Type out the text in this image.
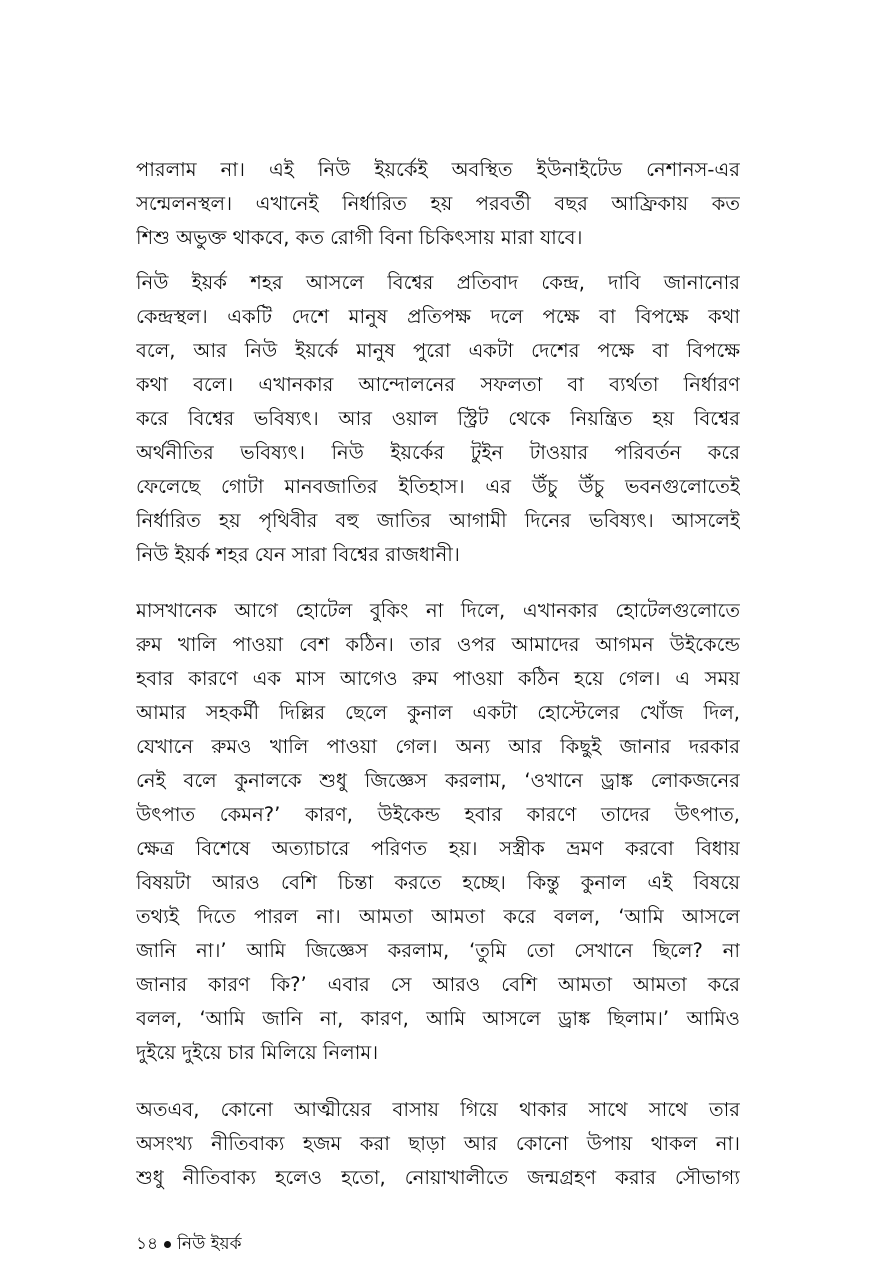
পারলাম না। এই নিউ ইয়র্কেই অবস্থিত ইউনাইটেড নেশানস-এর
সন্মেলনস্থল। এখানেই নির্ধারিত হয় পরবর্তী বছর আফ্রিকায় কত
শিশু অভুক্ত থাকবে, কত রোগী বিনা চিকিৎসায় মারা যাবে।
নিউ ইয়র্ক শহর আসলে বিশ্বের প্রতিবাদ কেন্দ্র, দাবি জানানোর
কেন্দ্রস্থল। একটি দেশে মানুষ প্রতিপক্ষ দলে পক্ষে বা বিপক্ষে কথা
বলে, আর নিউ ইয়র্কে মানুষ পুরো একটা দেশের পক্ষে বা বিপক্ষে
কথা বলে। এখানকার আন্দোলনের সফলতা বা ব্যর্থতা নির্ধারণ
করে বিশ্বের ভবিষ্যৎ। আর ওয়াল স্ট্রিট থেকে নিয়ন্ত্রিত হয় বিশ্বের
অর্থনীতির ভবিষ্যৎ। নিউ ইয়র্কের টুইন টাওয়ার পরিবর্তন করে
ফেলেছে গোটা মানবজাতির ইতিহাস। এর উঁচু উঁচু ভবনগুলোতেই
নির্ধারিত হয় পৃথিবীর বহু জাতির আগামী দিনের ভবিষ্যৎ। আসলেই
নিউ ইয়র্ক শহর যেন সারা বিশ্বের রাজধানী।
মাসখানেক আগে হোটেল বুকিং না দিলে, এখানকার হোটেলগুলোতে
রুম খালি পাওয়া বেশ কঠিন। তার ওপর আমাদের আগমন উইকেন্ডে
হবার কারণে এক মাস আগেও রুম পাওয়া কঠিন হয়ে গেল। এ সময়
আমার সহকর্মী দিল্লির ছেলে কুনাল একটা হোস্টেলের খোঁজ দিল,
যেখানে রুমও খালি পাওয়া গেল। অন্য আর কিছুই জানার দরকার
নেই বলে কুনালকে শুধু জিজ্ঞেস করলাম, ‘ওখানে ড্রাঙ্ক লোকজনের
উৎপাত কেমন?’ কারণ, উইকেন্ড হবার কারণে তাদের উৎপাত,
ক্ষেত্র বিশেষে অত্যাচারে পরিণত হয়। সস্ত্রীক ভ্রমণ করবো বিধায়
বিষয়টা আরও বেশি চিন্তা করতে হচ্ছে। কিন্তু কুনাল এই বিষয়ে
তথ্যই দিতে পারল না। আমতা আমতা করে বলল, ‘আমি আসলে
জানি না।’ আমি জিজ্ঞেস করলাম, ‘তুমি তো সেখানে ছিলে? না
জানার কারণ কি?’ এবার সে আরও বেশি আমতা আমতা করে
বলল, ‘আমি জানি না, কারণ, আমি আসলে ড্রাঙ্ক ছিলাম।’ আমিও
দুইয়ে দুইয়ে চার মিলিয়ে নিলাম।
অতএব, কোনো আত্মীয়ের বাসায় গিয়ে থাকার সাথে সাথে তার
অসংখ্য নীতিবাক্য হজম করা ছাড়া আর কোনো উপায় থাকল না।
শুধু নীতিবাক্য হলেও হতো, নোয়াখালীতে জন্মগ্রহণ করার সৌভাগ্য
১৪ নিউ ইয়র্ক
